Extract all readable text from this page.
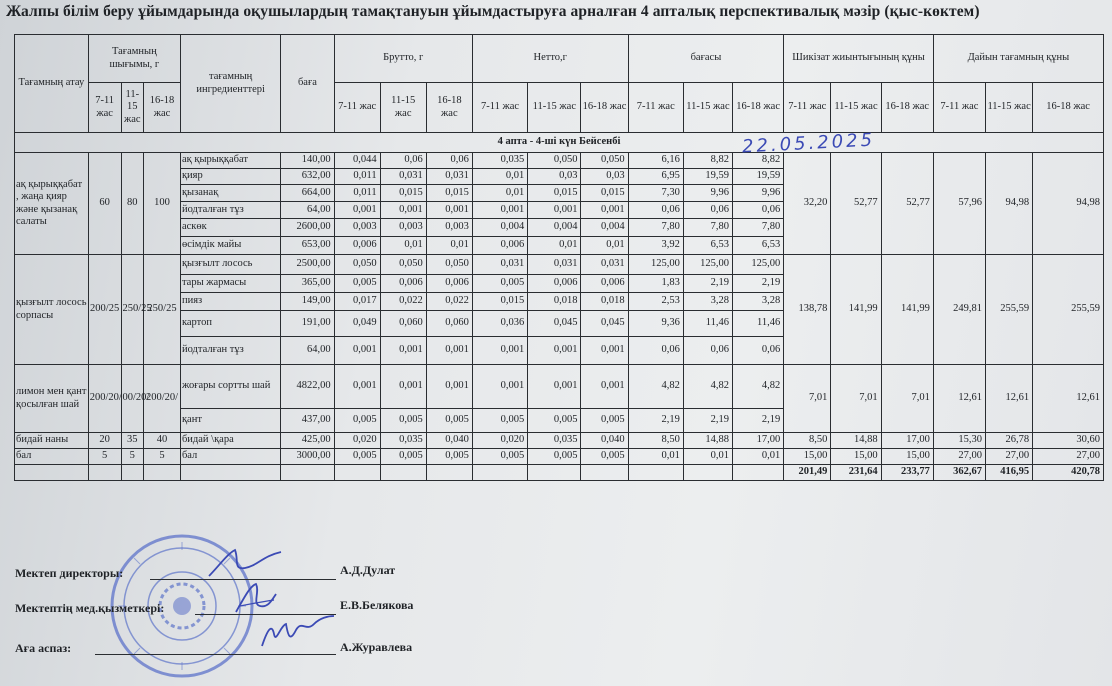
Жалпы білім беру ұйымдарында оқушылардың тамақтануын ұйымдастыруға арналған 4 апталық перспективалық мәзір (қыс-көктем)
Тағамның атау	Тағамның шығымы, г			тағамның ингредиенттері	баға	Брутто, г			Нетто,г			бағасы			Шикізат жиынтығының құны			Дайын тағамның құны		
	7-11 жас	11-15 жас	16-18 жас			7-11 жас	11-15 жас	16-18 жас	7-11 жас	11-15 жас	16-18 жас	7-11 жас	11-15 жас	16-18 жас	7-11 жас	11-15 жас	16-18 жас	7-11 жас	11-15 жас	16-18 жас
4 апта - 4-ші күн Бейсенбі																				
ақ қырыққабат , жаңа қияр және қызанақ салаты	60	80	100	ақ қырыққабат	140,00	0,044	0,06	0,06	0,035	0,050	0,050	6,16	8,82	8,82	32,20	52,77	52,77	57,96	94,98	94,98
				қияр	632,00	0,011	0,031	0,031	0,01	0,03	0,03	6,95	19,59	19,59						
				қызанақ	664,00	0,011	0,015	0,015	0,01	0,015	0,015	7,30	9,96	9,96						
				йодталған тұз	64,00	0,001	0,001	0,001	0,001	0,001	0,001	0,06	0,06	0,06						
				аскөк	2600,00	0,003	0,003	0,003	0,004	0,004	0,004	7,80	7,80	7,80						
				өсімдік майы	653,00	0,006	0,01	0,01	0,006	0,01	0,01	3,92	6,53	6,53						
қызғылт лосось сорпасы	200/25	250/25	250/25	қызғылт лосось	2500,00	0,050	0,050	0,050	0,031	0,031	0,031	125,00	125,00	125,00	138,78	141,99	141,99	249,81	255,59	255,59
				тары жармасы	365,00	0,005	0,006	0,006	0,005	0,006	0,006	1,83	2,19	2,19						
				пияз	149,00	0,017	0,022	0,022	0,015	0,018	0,018	2,53	3,28	3,28						
				картоп	191,00	0,049	0,060	0,060	0,036	0,045	0,045	9,36	11,46	11,46						
				йодталған тұз	64,00	0,001	0,001	0,001	0,001	0,001	0,001	0,06	0,06	0,06						
лимон мен қант қосылған шай	200/20/	00/20/	200/20/	жоғары сортты шай	4822,00	0,001	0,001	0,001	0,001	0,001	0,001	4,82	4,82	4,82	7,01	7,01	7,01	12,61	12,61	12,61
				қант	437,00	0,005	0,005	0,005	0,005	0,005	0,005	2,19	2,19	2,19						
бидай наны	20	35	40	бидай \қара	425,00	0,020	0,035	0,040	0,020	0,035	0,040	8,50	14,88	17,00	8,50	14,88	17,00	15,30	26,78	30,60
бал	5	5	5	бал	3000,00	0,005	0,005	0,005	0,005	0,005	0,005	0,01	0,01	0,01	15,00	15,00	15,00	27,00	27,00	27,00
															201,49	231,64	233,77	362,67	416,95	420,78
22.05.2025
Мектеп директоры:	А.Д.Дулат
Мектептің мед.қызметкері:	Е.В.Белякова
Аға аспаз:	А.Журавлева
